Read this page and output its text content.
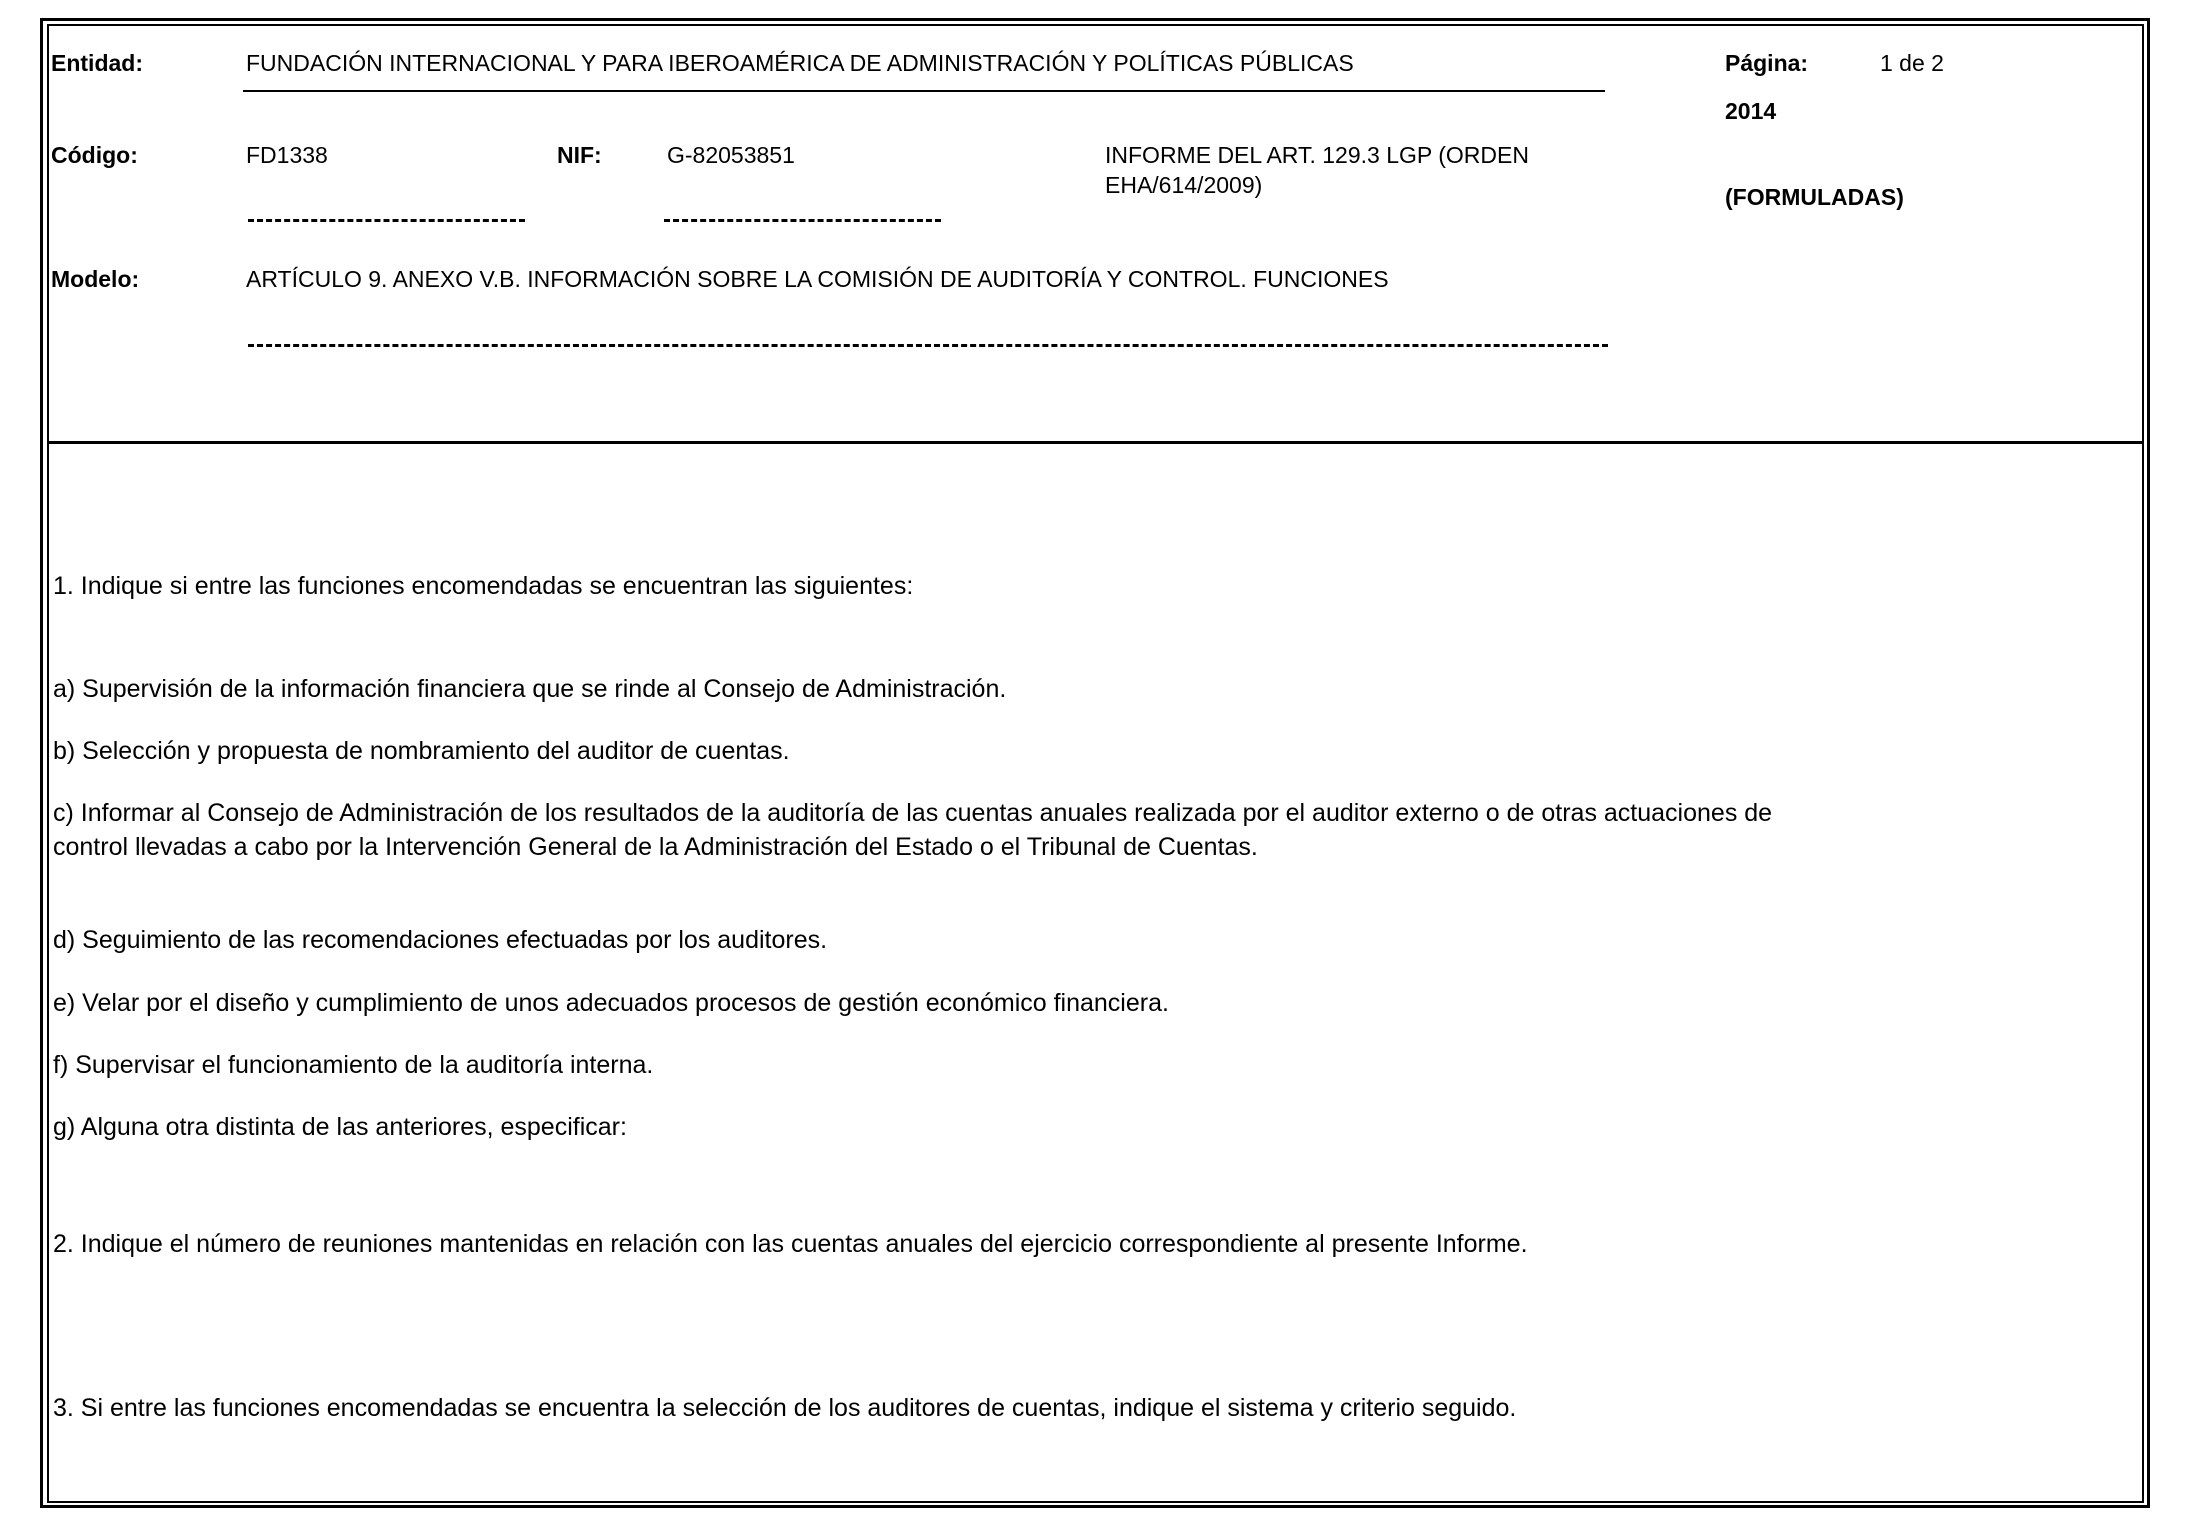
Entidad:	FUNDACIÓN INTERNACIONAL Y PARA IBEROAMÉRICA DE ADMINISTRACIÓN Y POLÍTICAS PÚBLICAS	Página:	1 de 2
2014
Código:	FD1338	NIF:	G-82053851	INFORME DEL ART. 129.3 LGP (ORDEN
EHA/614/2009)	(FORMULADAS)
Modelo:	ARTÍCULO 9. ANEXO V.B. INFORMACIÓN SOBRE LA COMISIÓN DE AUDITORÍA Y CONTROL. FUNCIONES
1. Indique si entre las funciones encomendadas se encuentran las siguientes:
a) Supervisión de la información financiera que se rinde al Consejo de Administración.
b) Selección y propuesta de nombramiento del auditor de cuentas.
c) Informar al Consejo de Administración de los resultados de la auditoría de las cuentas anuales realizada por el auditor externo o de otras actuaciones de
control llevadas a cabo por la Intervención General de la Administración del Estado o el Tribunal de Cuentas.
d) Seguimiento de las recomendaciones efectuadas por los auditores.
e) Velar por el diseño y cumplimiento de unos adecuados procesos de gestión económico financiera.
f) Supervisar el funcionamiento de la auditoría interna.
g) Alguna otra distinta de las anteriores, especificar:
2. Indique el número de reuniones mantenidas en relación con las cuentas anuales del ejercicio correspondiente al presente Informe.
3. Si entre las funciones encomendadas se encuentra la selección de los auditores de cuentas, indique el sistema y criterio seguido.
